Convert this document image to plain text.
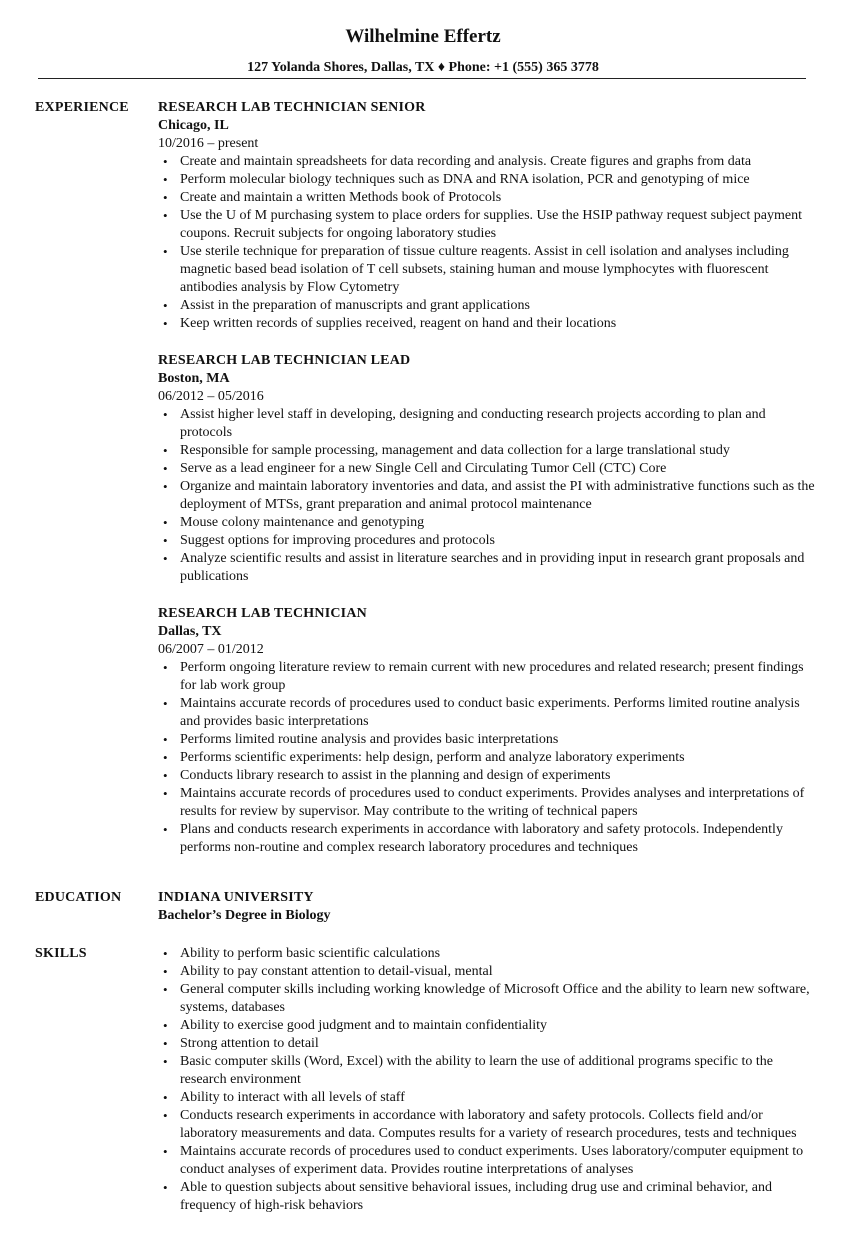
Wilhelmine Effertz
127 Yolanda Shores, Dallas, TX ♦ Phone: +1 (555) 365 3778
EXPERIENCE RESEARCH LAB TECHNICIAN SENIOR
Chicago, IL
10/2016 – present
• Create and maintain spreadsheets for data recording and analysis. Create figures and graphs from data
• Perform molecular biology techniques such as DNA and RNA isolation, PCR and genotyping of mice
• Create and maintain a written Methods book of Protocols
• Use the U of M purchasing system to place orders for supplies. Use the HSIP pathway request subject payment coupons. Recruit subjects for ongoing laboratory studies
• Use sterile technique for preparation of tissue culture reagents. Assist in cell isolation and analyses including magnetic based bead isolation of T cell subsets, staining human and mouse lymphocytes with fluorescent antibodies analysis by Flow Cytometry
• Assist in the preparation of manuscripts and grant applications
• Keep written records of supplies received, reagent on hand and their locations
RESEARCH LAB TECHNICIAN LEAD
Boston, MA
06/2012 – 05/2016
• Assist higher level staff in developing, designing and conducting research projects according to plan and protocols
• Responsible for sample processing, management and data collection for a large translational study
• Serve as a lead engineer for a new Single Cell and Circulating Tumor Cell (CTC) Core
• Organize and maintain laboratory inventories and data, and assist the PI with administrative functions such as the deployment of MTSs, grant preparation and animal protocol maintenance
• Mouse colony maintenance and genotyping
• Suggest options for improving procedures and protocols
• Analyze scientific results and assist in literature searches and in providing input in research grant proposals and publications
RESEARCH LAB TECHNICIAN
Dallas, TX
06/2007 – 01/2012
• Perform ongoing literature review to remain current with new procedures and related research; present findings for lab work group
• Maintains accurate records of procedures used to conduct basic experiments. Performs limited routine analysis and provides basic interpretations
• Performs limited routine analysis and provides basic interpretations
• Performs scientific experiments: help design, perform and analyze laboratory experiments
• Conducts library research to assist in the planning and design of experiments
• Maintains accurate records of procedures used to conduct experiments. Provides analyses and interpretations of results for review by supervisor. May contribute to the writing of technical papers
• Plans and conducts research experiments in accordance with laboratory and safety protocols. Independently performs non-routine and complex research laboratory procedures and techniques
EDUCATION	INDIANA UNIVERSITY
Bachelor’s Degree in Biology
SKILLS
•	Ability to perform basic scientific calculations
• Ability to pay constant attention to detail-visual, mental
• General computer skills including working knowledge of Microsoft Office and the ability to learn new software, systems, databases
• Ability to exercise good judgment and to maintain confidentiality
• Strong attention to detail
• Basic computer skills (Word, Excel) with the ability to learn the use of additional programs specific to the research environment
• Ability to interact with all levels of staff
• Conducts research experiments in accordance with laboratory and safety protocols. Collects field and/or laboratory measurements and data. Computes results for a variety of research procedures, tests and techniques
• Maintains accurate records of procedures used to conduct experiments. Uses laboratory/computer equipment to conduct analyses of experiment data. Provides routine interpretations of analyses
• Able to question subjects about sensitive behavioral issues, including drug use and criminal behavior, and frequency of high-risk behaviors
